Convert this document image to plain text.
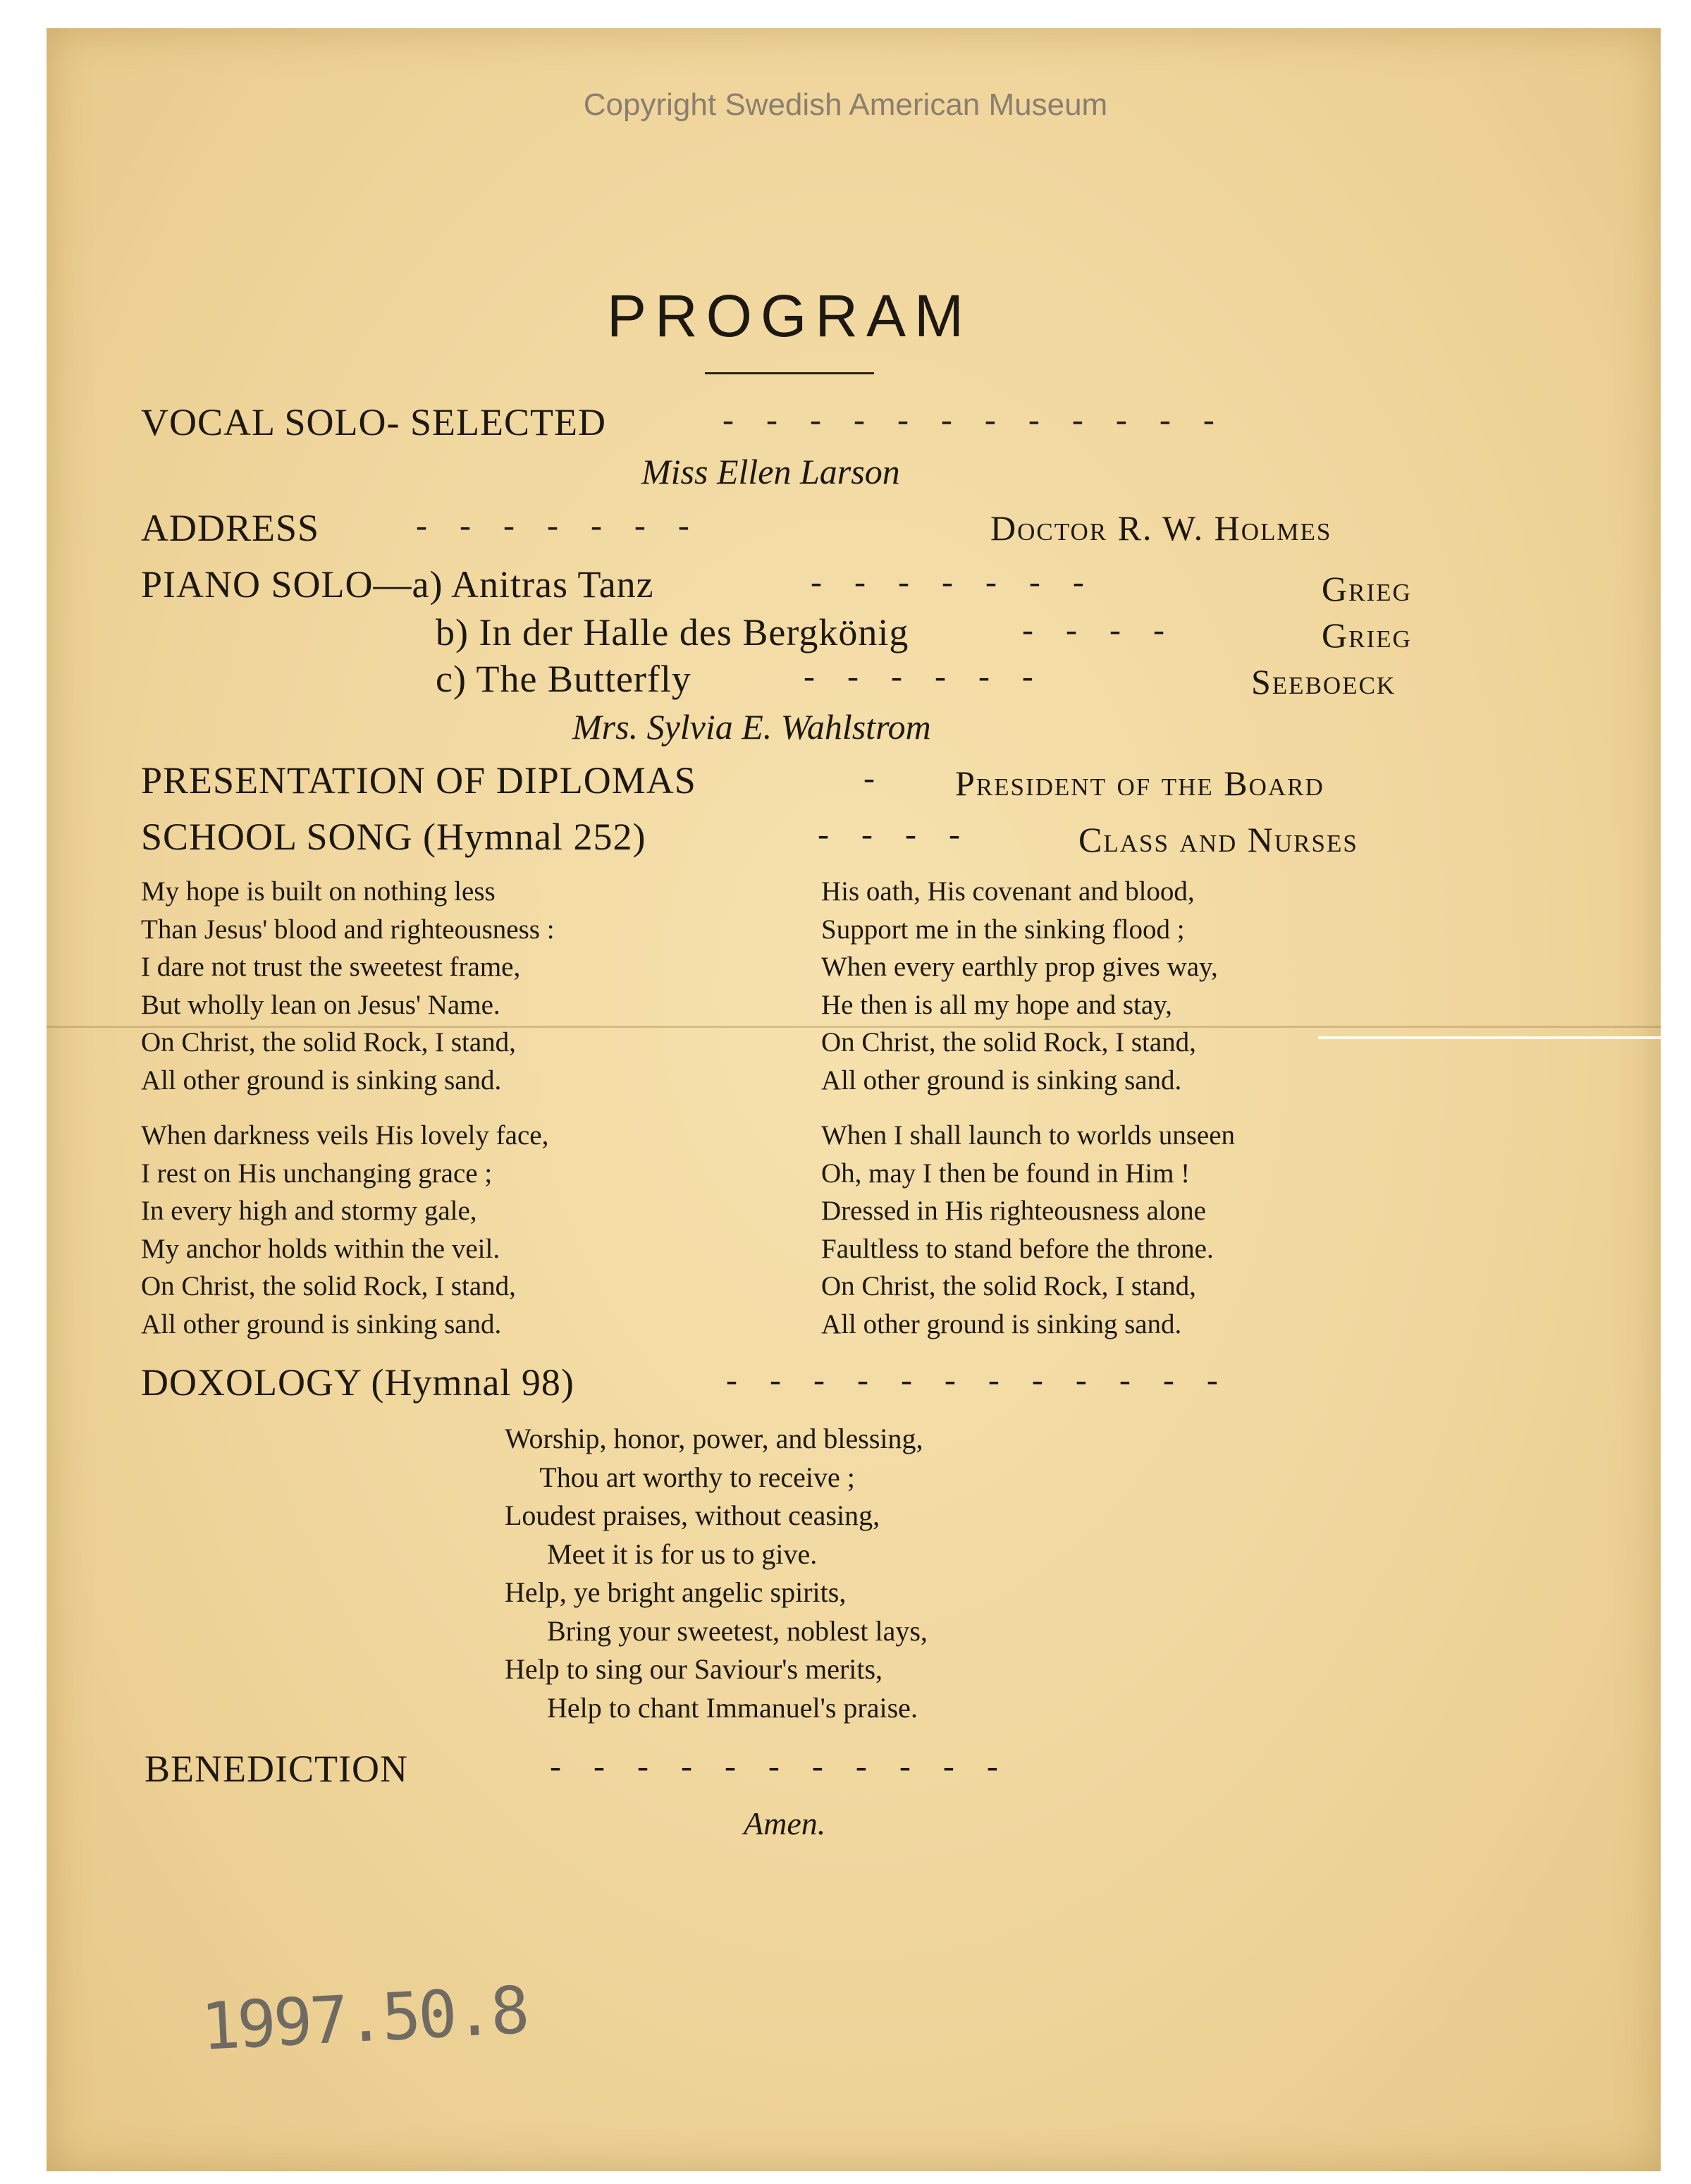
Copyright Swedish American Museum
PROGRAM
VOCAL SOLO- SELECTED	- - - - - - - - - - - -
Miss Ellen Larson
ADDRESS	- - - - - - -	Doctor R. W. Holmes
PIANO SOLO—a) Anitras Tanz	- - - - - - -	Grieg
b) In der Halle des Bergkönig	- - - -	Grieg
c) The Butterfly	- - - - - -	Seeboeck
Mrs. Sylvia E. Wahlstrom
PRESENTATION OF DIPLOMAS	- President of the Board
SCHOOL SONG (Hymnal 252)	- - - -	Class and Nurses
My hope is built on nothing less
Than Jesus' blood and righteousness :
I dare not trust the sweetest frame,
But wholly lean on Jesus' Name.
On Christ, the solid Rock, I stand,
All other ground is sinking sand.
His oath, His covenant and blood,
Support me in the sinking flood ;
When every earthly prop gives way,
He then is all my hope and stay,
On Christ, the solid Rock, I stand,
All other ground is sinking sand.
When darkness veils His lovely face,
I rest on His unchanging grace ;
In every high and stormy gale,
My anchor holds within the veil.
On Christ, the solid Rock, I stand,
All other ground is sinking sand.
When I shall launch to worlds unseen
Oh, may I then be found in Him !
Dressed in His righteousness alone
Faultless to stand before the throne.
On Christ, the solid Rock, I stand,
All other ground is sinking sand.
DOXOLOGY (Hymnal 98)	- - - - - - - - - - - -
Worship, honor, power, and blessing,
Thou art worthy to receive ;
Loudest praises, without ceasing,
Meet it is for us to give.
Help, ye bright angelic spirits,
Bring your sweetest, noblest lays,
Help to sing our Saviour's merits,
Help to chant Immanuel's praise.
BENEDICTION	- - - - - - - - - - -
Amen.
1997.50.8
